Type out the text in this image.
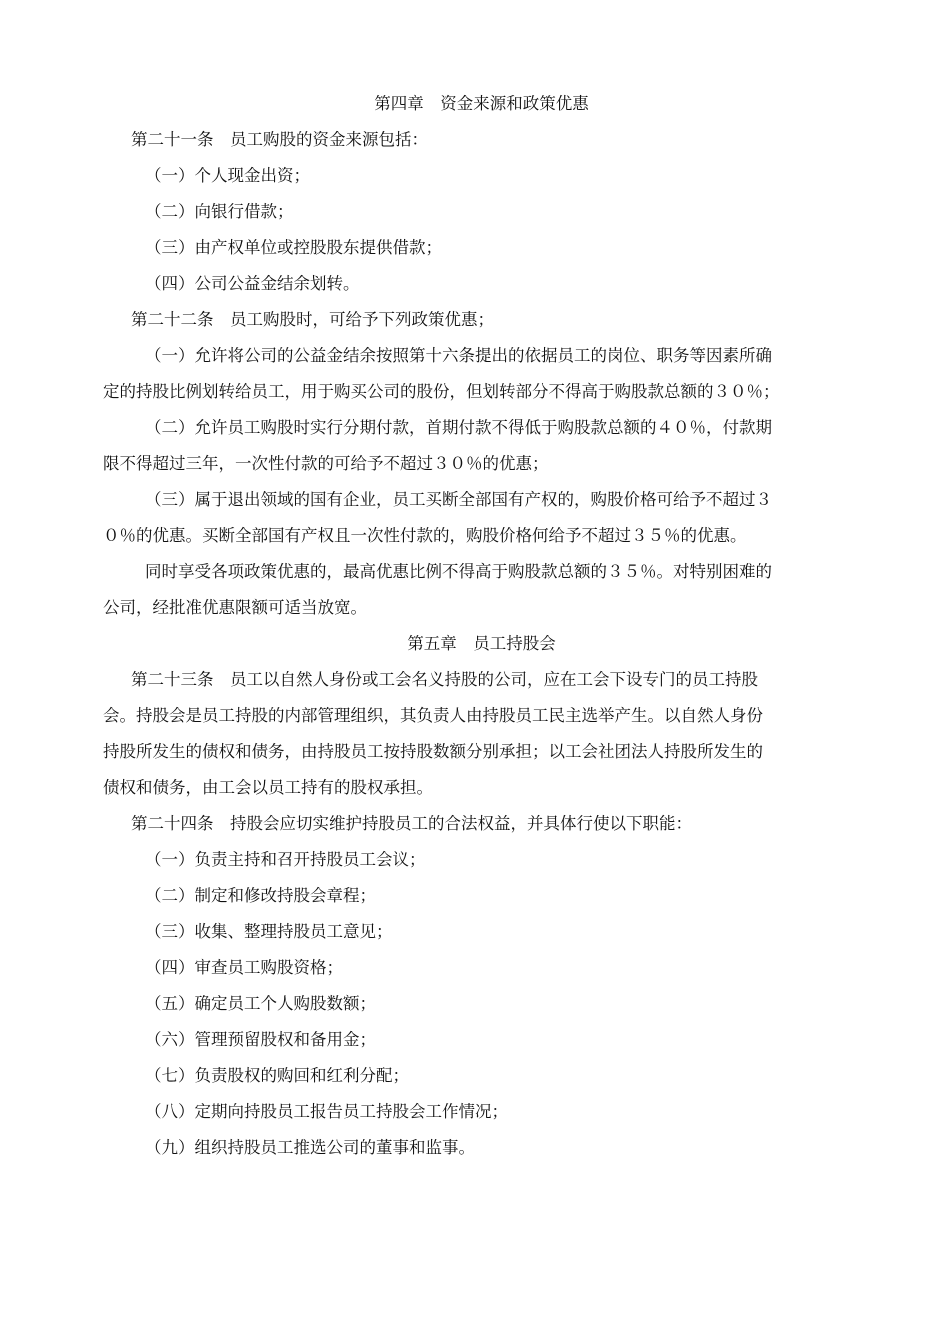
第四章　资金来源和政策优惠

第二十一条　员工购股的资金来源包括：

（一）个人现金出资；

（二）向银行借款；

（三）由产权单位或控股股东提供借款；

（四）公司公益金结余划转。

第二十二条　员工购股时，可给予下列政策优惠；

（一）允许将公司的公益金结余按照第十六条提出的依据员工的岗位、职务等因素所确

定的持股比例划转给员工，用于购买公司的股份，但划转部分不得高于购股款总额的３０％；

（二）允许员工购股时实行分期付款，首期付款不得低于购股款总额的４０％，付款期

限不得超过三年，一次性付款的可给予不超过３０％的优惠；

（三）属于退出领域的国有企业，员工买断全部国有产权的，购股价格可给予不超过３

０％的优惠。买断全部国有产权且一次性付款的，购股价格何给予不超过３５％的优惠。

同时享受各项政策优惠的，最高优惠比例不得高于购股款总额的３５％。对特别困难的

公司，经批准优惠限额可适当放宽。

第五章　员工持股会

第二十三条　员工以自然人身份或工会名义持股的公司，应在工会下设专门的员工持股

会。持股会是员工持股的内部管理组织，其负责人由持股员工民主选举产生。以自然人身份

持股所发生的债权和债务，由持股员工按持股数额分别承担；以工会社团法人持股所发生的

债权和债务，由工会以员工持有的股权承担。

第二十四条　持股会应切实维护持股员工的合法权益，并具体行使以下职能：

（一）负责主持和召开持股员工会议；

（二）制定和修改持股会章程；

（三）收集、整理持股员工意见；

（四）审查员工购股资格；

（五）确定员工个人购股数额；

（六）管理预留股权和备用金；

（七）负责股权的购回和红利分配；

（八）定期向持股员工报告员工持股会工作情况；

（九）组织持股员工推选公司的董事和监事。
